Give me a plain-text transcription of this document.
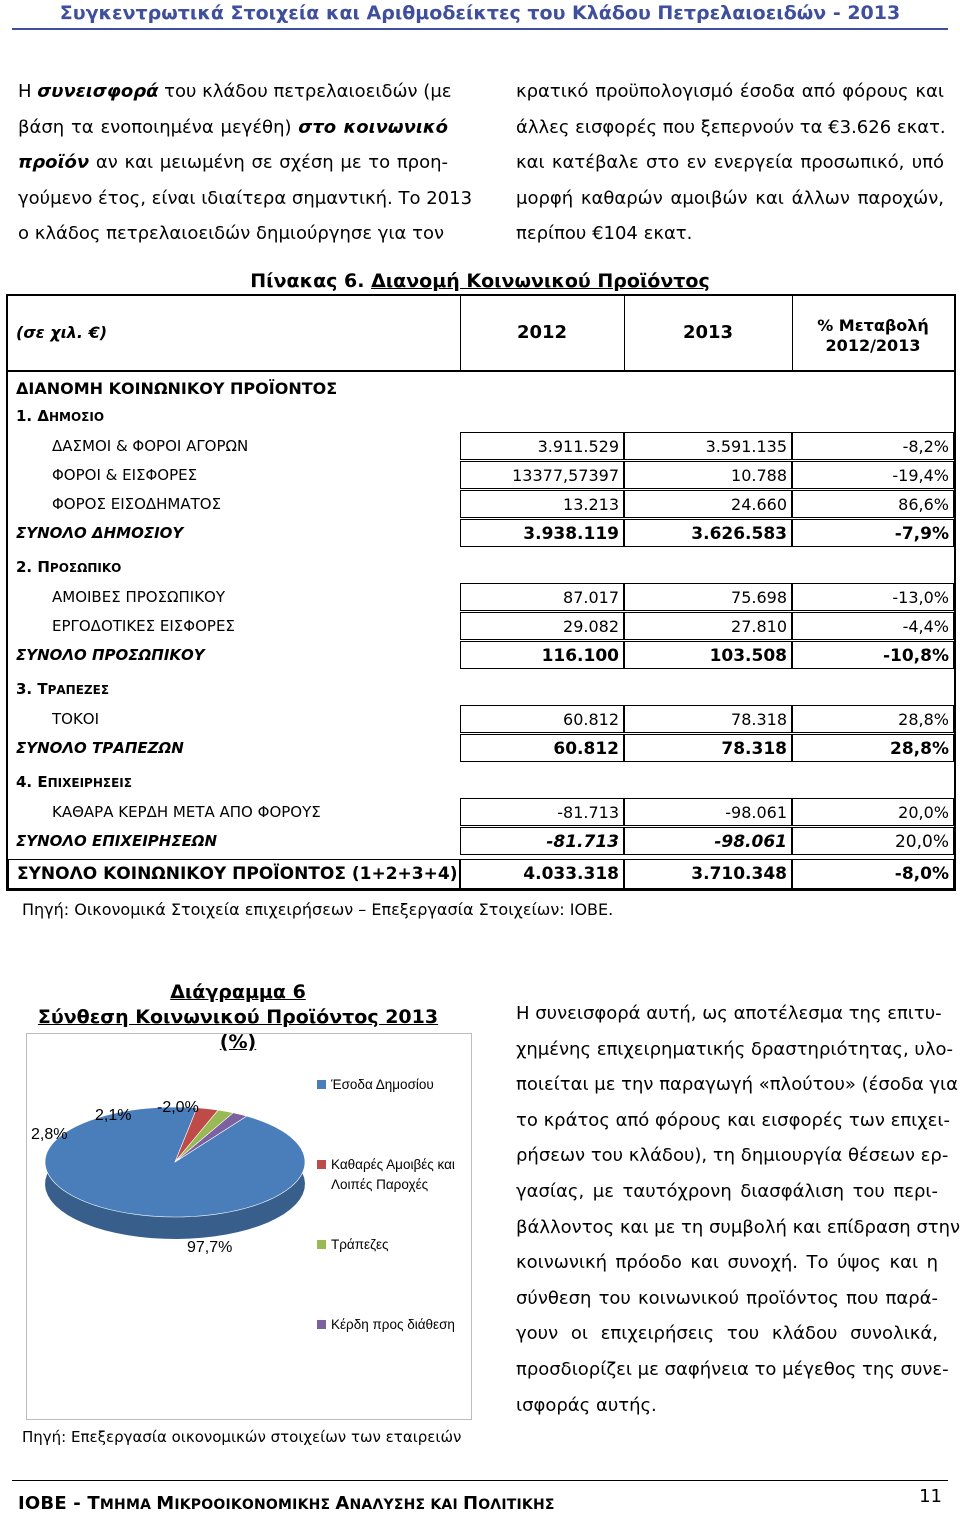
Συγκεντρωτικά Στοιχεία και Αριθμοδείκτες του Κλάδου Πετρελαιοειδών - 2013
Η συνεισφορά του κλάδου πετρελαιοειδών (με
βάση τα ενοποιημένα μεγέθη) στο κοινωνικό
προϊόν αν και μειωμένη σε σχέση με το προη-
γούμενο έτος, είναι ιδιαίτερα σημαντική. Το 2013
ο κλάδος πετρελαιοειδών δημιούργησε για τον
κρατικό προϋπολογισμό έσοδα από φόρους και
άλλες εισφορές που ξεπερνούν τα €3.626 εκατ.
και κατέβαλε στο εν ενεργεία προσωπικό, υπό
μορφή καθαρών αμοιβών και άλλων παροχών,
περίπου €104 εκατ.
Πίνακας 6. Διανομή Κοινωνικού Προϊόντος
(σε χιλ. €)	2012	2013	% Μεταβολή
2012/2013
ΔΙΑΝΟΜΗ ΚΟΙΝΩΝΙΚΟΥ ΠΡΟΪΟΝΤΟΣ
1. ΔΗΜΟΣΙΟ
ΔΑΣΜΟΙ & ΦΟΡΟΙ ΑΓΟΡΩΝ	3.911.529	3.591.135	-8,2%
ΦΟΡΟΙ & ΕΙΣΦΟΡΕΣ	13377,57397	10.788	-19,4%
ΦΟΡΟΣ ΕΙΣΟΔΗΜΑΤΟΣ	13.213	24.660	86,6%
ΣΥΝΟΛΟ ΔΗΜΟΣΙΟΥ	3.938.119	3.626.583	-7,9%
2. ΠΡΟΣΩΠΙΚΟ
ΑΜΟΙΒΕΣ ΠΡΟΣΩΠΙΚΟΥ	87.017	75.698	-13,0%
ΕΡΓΟΔΟΤΙΚΕΣ ΕΙΣΦΟΡΕΣ	29.082	27.810	-4,4%
ΣΥΝΟΛΟ ΠΡΟΣΩΠΙΚΟΥ	116.100	103.508	-10,8%
3. ΤΡΑΠΕΖΕΣ
ΤΟΚΟΙ	60.812	78.318	28,8%
ΣΥΝΟΛΟ ΤΡΑΠΕΖΩΝ	60.812	78.318	28,8%
4. ΕΠΙΧΕΙΡΗΣΕΙΣ
ΚΑΘΑΡΑ ΚΕΡΔΗ ΜΕΤΑ ΑΠΟ ΦΟΡΟΥΣ	-81.713	-98.061	20,0%
ΣΥΝΟΛΟ ΕΠΙΧΕΙΡΗΣΕΩΝ	-81.713	-98.061	20,0%
ΣΥΝΟΛΟ ΚΟΙΝΩΝΙΚΟΥ ΠΡΟΪΟΝΤΟΣ (1+2+3+4)	4.033.318	3.710.348	-8,0%
Πηγή: Οικονομικά Στοιχεία επιχειρήσεων – Επεξεργασία Στοιχείων: ΙΟΒΕ.
Διάγραμμα 6
Σύνθεση Κοινωνικού Προϊόντος 2013 (%)
97,7%
2,8%
2,1% -2,0%
Έσοδα Δημοσίου
Καθαρές Αμοιβές και
Λοιπές Παροχές
Τράπεζες
Κέρδη προς διάθεση
Πηγή: Επεξεργασία οικονομικών στοιχείων των εταιρειών
Η συνεισφορά αυτή, ως αποτέλεσμα της επιτυ-
χημένης επιχειρηματικής δραστηριότητας, υλο-
ποιείται με την παραγωγή «πλούτου» (έσοδα για
το κράτος από φόρους και εισφορές των επιχει-
ρήσεων του κλάδου), τη δημιουργία θέσεων ερ-
γασίας, με ταυτόχρονη διασφάλιση του περι-
βάλλοντος και με τη συμβολή και επίδραση στην
κοινωνική πρόοδο και συνοχή. Το ύψος και η
σύνθεση του κοινωνικού προϊόντος που παρά-
γουν οι επιχειρήσεις του κλάδου συνολικά,
προσδιορίζει με σαφήνεια το μέγεθος της συνε-
ισφοράς αυτής.
ΙΟΒΕ - ΤΜΗΜΑ ΜΙΚΡΟΟΙΚΟΝΟΜΙΚΗΣ ΑΝΑΛΥΣΗΣ ΚΑΙ ΠΟΛΙΤΙΚΗΣ	11
